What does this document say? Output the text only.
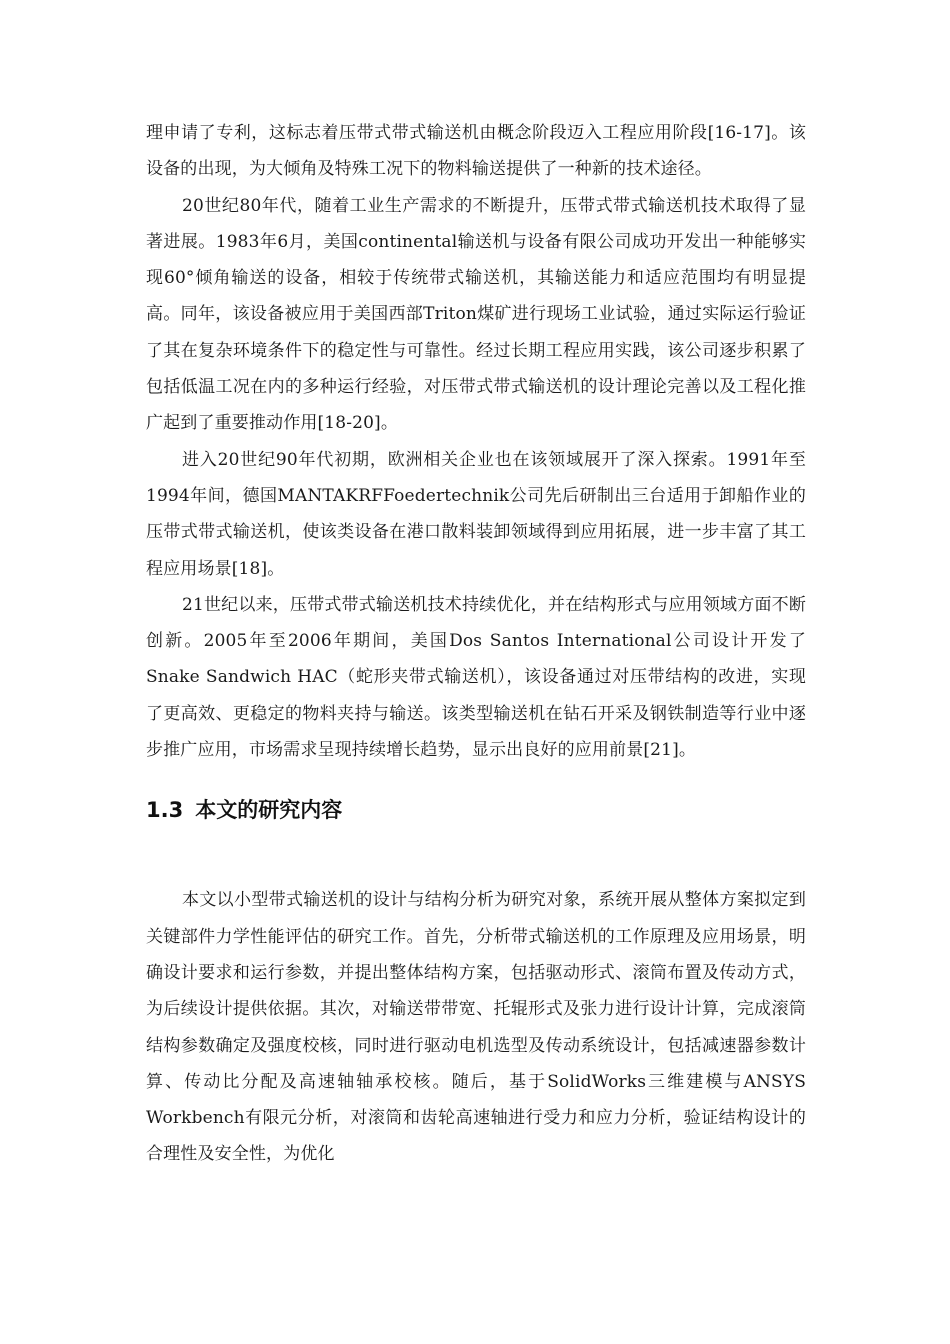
理申请了专利，这标志着压带式带式输送机由概念阶段迈入工程应用阶段[16-17]。该设备的出现，为大倾角及特殊工况下的物料输送提供了一种新的技术途径。

20世纪80年代，随着工业生产需求的不断提升，压带式带式输送机技术取得了显著进展。1983年6月，美国continental输送机与设备有限公司成功开发出一种能够实现60°倾角输送的设备，相较于传统带式输送机，其输送能力和适应范围均有明显提高。同年，该设备被应用于美国西部Triton煤矿进行现场工业试验，通过实际运行验证了其在复杂环境条件下的稳定性与可靠性。经过长期工程应用实践，该公司逐步积累了包括低温工况在内的多种运行经验，对压带式带式输送机的设计理论完善以及工程化推广起到了重要推动作用[18-20]。

进入20世纪90年代初期，欧洲相关企业也在该领域展开了深入探索。1991年至1994年间，德国MANTAKRFFoedertechnik公司先后研制出三台适用于卸船作业的压带式带式输送机，使该类设备在港口散料装卸领域得到应用拓展，进一步丰富了其工程应用场景[18]。

21世纪以来，压带式带式输送机技术持续优化，并在结构形式与应用领域方面不断创新。2005年至2006年期间，美国Dos Santos International公司设计开发了Snake Sandwich HAC（蛇形夹带式输送机），该设备通过对压带结构的改进，实现了更高效、更稳定的物料夹持与输送。该类型输送机在钻石开采及钢铁制造等行业中逐步推广应用，市场需求呈现持续增长趋势，显示出良好的应用前景[21]。

1.3 本文的研究内容

本文以小型带式输送机的设计与结构分析为研究对象，系统开展从整体方案拟定到关键部件力学性能评估的研究工作。首先，分析带式输送机的工作原理及应用场景，明确设计要求和运行参数，并提出整体结构方案，包括驱动形式、滚筒布置及传动方式，为后续设计提供依据。其次，对输送带带宽、托辊形式及张力进行设计计算，完成滚筒结构参数确定及强度校核，同时进行驱动电机选型及传动系统设计，包括减速器参数计算、传动比分配及高速轴轴承校核。随后，基于SolidWorks三维建模与ANSYS Workbench有限元分析，对滚筒和齿轮高速轴进行受力和应力分析，验证结构设计的合理性及安全性，为优化
